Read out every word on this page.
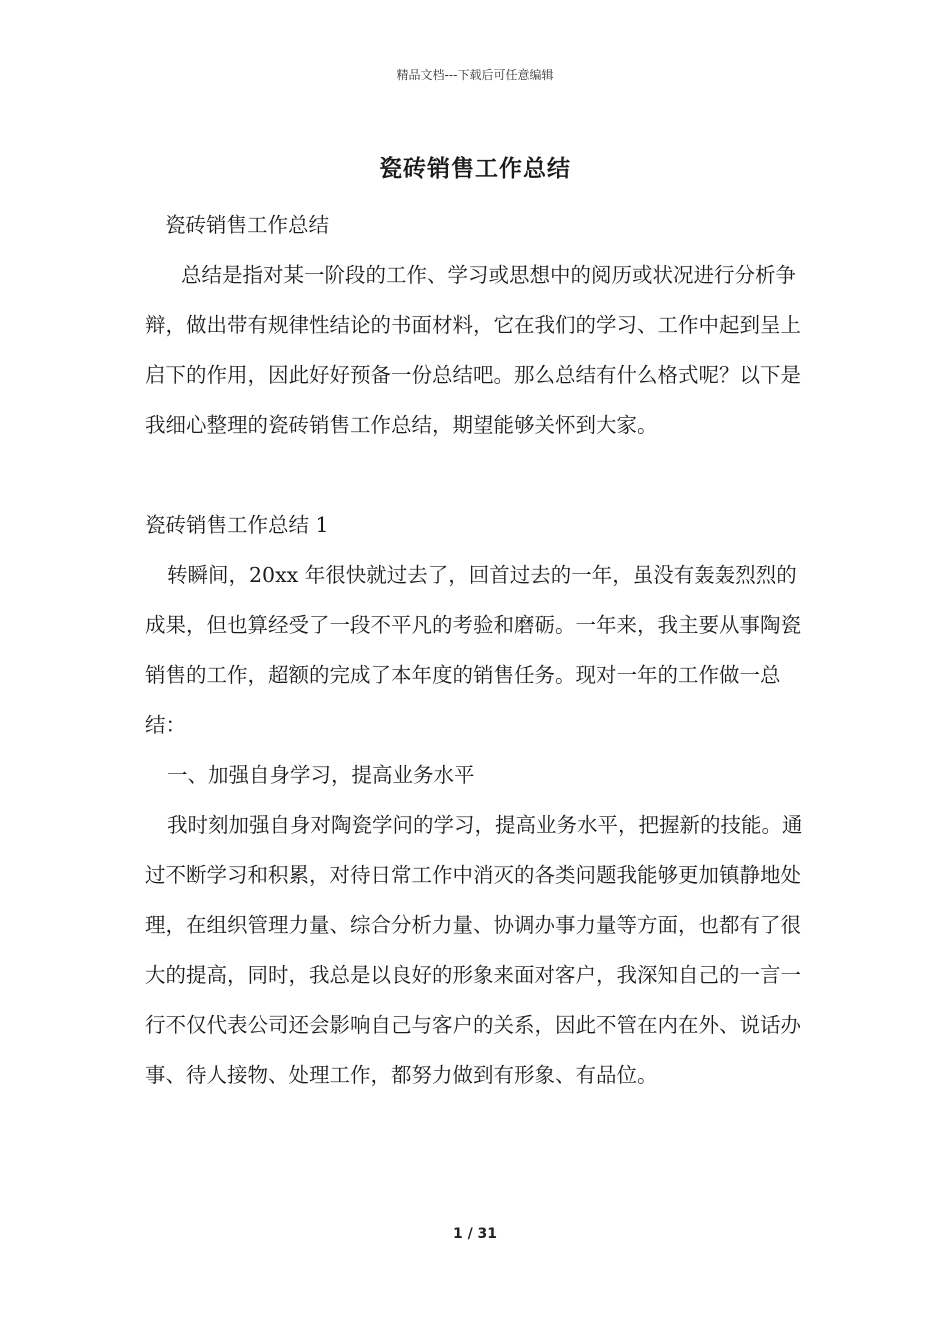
精品文档---下载后可任意编辑
瓷砖销售工作总结

瓷砖销售工作总结

总结是指对某一阶段的工作、学习或思想中的阅历或状况进行分析争辩，做出带有规律性结论的书面材料，它在我们的学习、工作中起到呈上启下的作用，因此好好预备一份总结吧。那么总结有什么格式呢？以下是我细心整理的瓷砖销售工作总结，期望能够关怀到大家。

瓷砖销售工作总结 1

转瞬间，20xx 年很快就过去了，回首过去的一年，虽没有轰轰烈烈的成果，但也算经受了一段不平凡的考验和磨砺。一年来，我主要从事陶瓷销售的工作，超额的完成了本年度的销售任务。现对一年的工作做一总结：

一、加强自身学习，提高业务水平

我时刻加强自身对陶瓷学问的学习，提高业务水平，把握新的技能。通过不断学习和积累，对待日常工作中消灭的各类问题我能够更加镇静地处理，在组织管理力量、综合分析力量、协调办事力量等方面，也都有了很大的提高，同时，我总是以良好的形象来面对客户，我深知自己的一言一行不仅代表公司还会影响自己与客户的关系，因此不管在内在外、说话办事、待人接物、处理工作，都努力做到有形象、有品位。

1 / 31
